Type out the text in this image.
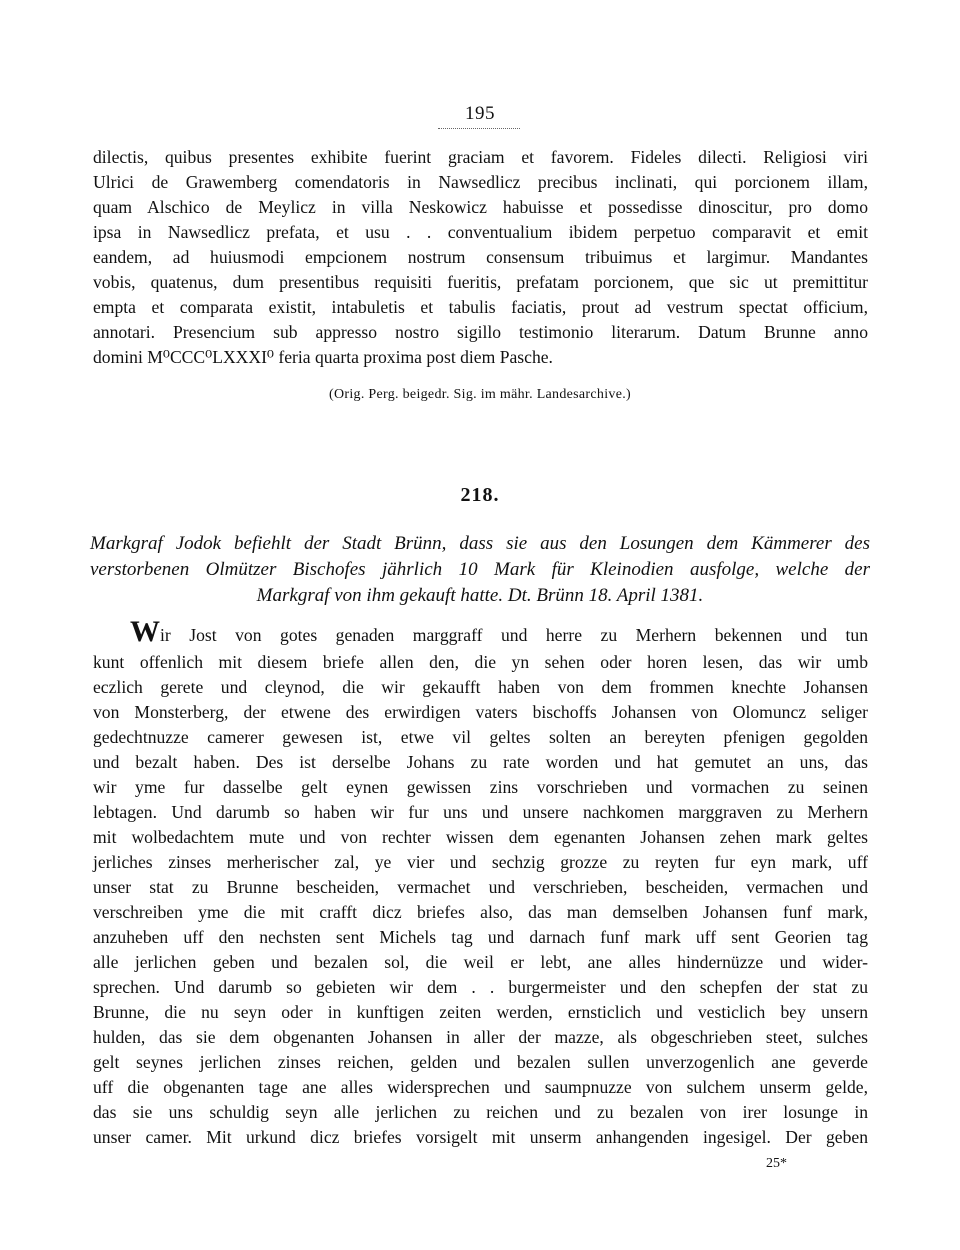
195
dilectis, quibus presentes exhibite fuerint graciam et favorem. Fideles dilecti. Religiosi viri
Ulrici de Grawemberg comendatoris in Nawsedlicz precibus inclinati, qui porcionem illam,
quam Alschico de Meylicz in villa Neskowicz habuisse et possedisse dinoscitur, pro domo
ipsa in Nawsedlicz prefata, et usu . . conventualium ibidem perpetuo comparavit et emit
eandem, ad huiusmodi empcionem nostrum consensum tribuimus et largimur. Mandantes
vobis, quatenus, dum presentibus requisiti fueritis, prefatam porcionem, que sic ut premittitur
empta et comparata existit, intabuletis et tabulis faciatis, prout ad vestrum spectat officium,
annotari. Presencium sub appresso nostro sigillo testimonio literarum. Datum Brunne anno
domini M⁰CCC⁰LXXXI⁰ feria quarta proxima post diem Pasche.
(Orig. Perg. beigedr. Sig. im mähr. Landesarchive.)
218.
Markgraf Jodok befiehlt der Stadt Brünn, dass sie aus den Losungen dem Kämmerer des
verstorbenen Olmützer Bischofes jährlich 10 Mark für Kleinodien ausfolge, welche der
Markgraf von ihm gekauft hatte. Dt. Brünn 18. April 1381.
Wir Jost von gotes genaden marggraff und herre zu Merhern bekennen und tun
kunt offenlich mit diesem briefe allen den, die yn sehen oder horen lesen, das wir umb
eczlich gerete und cleynod, die wir gekaufft haben von dem frommen knechte Johansen
von Monsterberg, der etwene des erwirdigen vaters bischoffs Johansen von Olomuncz seliger
gedechtnuzze camerer gewesen ist, etwe vil geltes solten an bereyten pfenigen gegolden
und bezalt haben. Des ist derselbe Johans zu rate worden und hat gemutet an uns, das
wir yme fur dasselbe gelt eynen gewissen zins vorschrieben und vormachen zu seinen
lebtagen. Und darumb so haben wir fur uns und unsere nachkomen marggraven zu Merhern
mit wolbedachtem mute und von rechter wissen dem egenanten Johansen zehen mark geltes
jerliches zinses merherischer zal, ye vier und sechzig grozze zu reyten fur eyn mark, uff
unser stat zu Brunne bescheiden, vermachet und verschrieben, bescheiden, vermachen und
verschreiben yme die mit crafft dicz briefes also, das man demselben Johansen funf mark,
anzuheben uff den nechsten sent Michels tag und darnach funf mark uff sent Georien tag
alle jerlichen geben und bezalen sol, die weil er lebt, ane alles hindernüzze und wider-
sprechen. Und darumb so gebieten wir dem . . burgermeister und den schepfen der stat zu
Brunne, die nu seyn oder in kunftigen zeiten werden, ernsticlich und vesticlich bey unsern
hulden, das sie dem obgenanten Johansen in aller der mazze, als obgeschrieben steet, sulches
gelt seynes jerlichen zinses reichen, gelden und bezalen sullen unverzogenlich ane geverde
uff die obgenanten tage ane alles widersprechen und saumpnuzze von sulchem unserm gelde,
das sie uns schuldig seyn alle jerlichen zu reichen und zu bezalen von irer losunge in
unser camer. Mit urkund dicz briefes vorsigelt mit unserm anhangenden ingesigel. Der geben
25*
